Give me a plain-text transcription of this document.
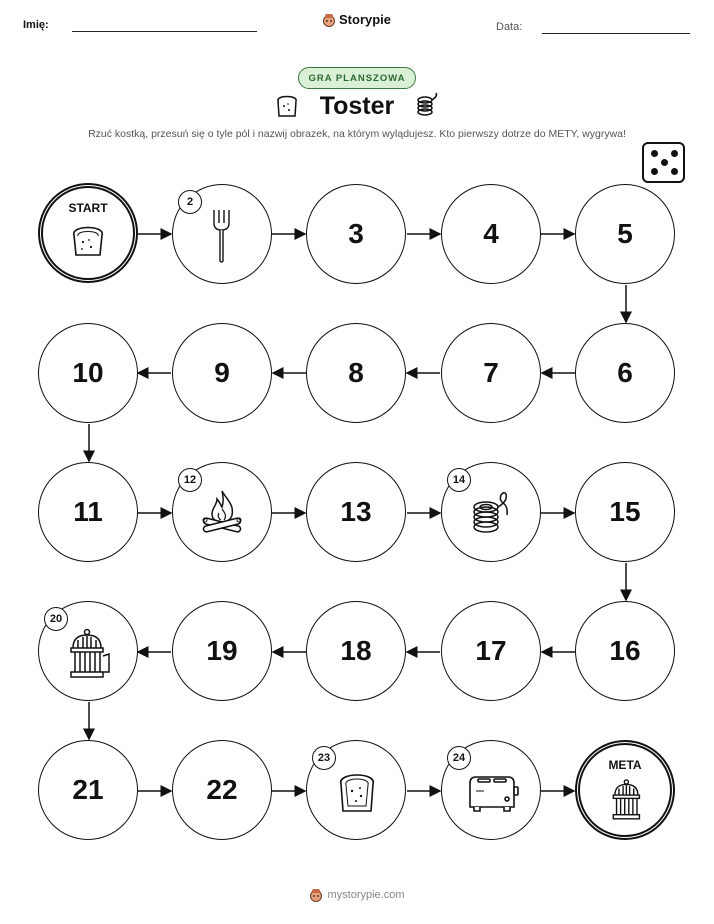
Imię:	Storypie	Data:
GRA PLANSZOWA
Toster
Rzuć kostką, przesuń się o tyle pól i nazwij obrazek, na którym wylądujesz. Kto pierwszy dotrze do METY, wygrywa!
START	2
3	4	5
6
7
8
9
10
11
12
13
14
15
16
17
18
19
20
21	22
23	24	META
mystorypie.com
